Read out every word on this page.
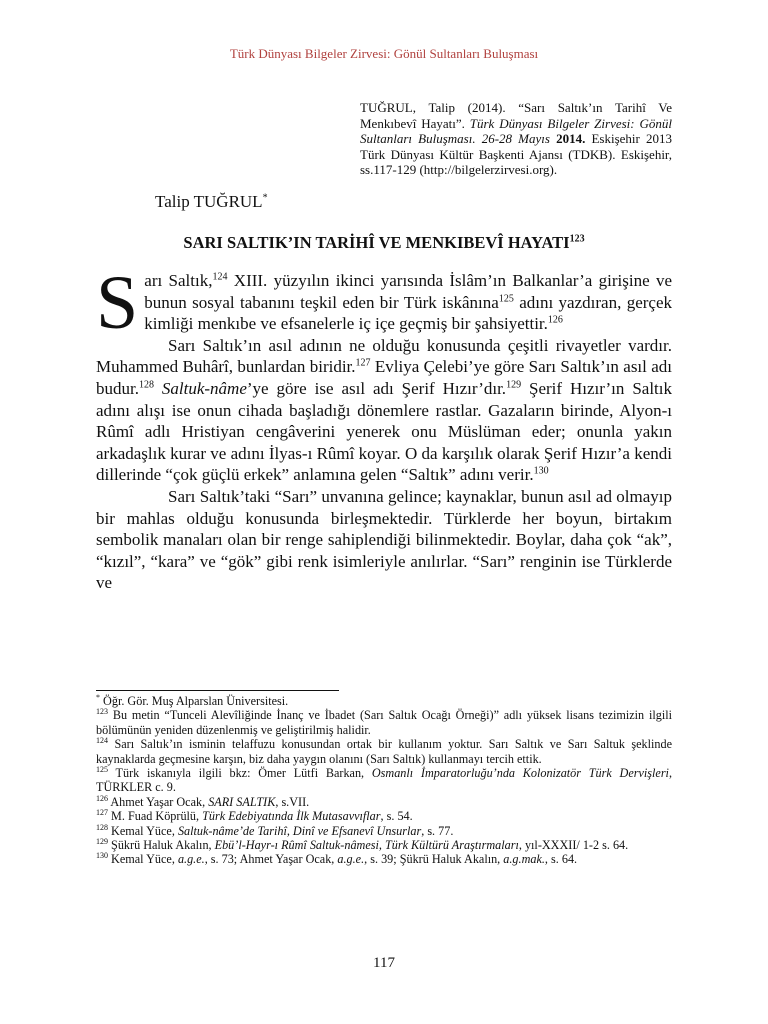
Türk Dünyası Bilgeler Zirvesi: Gönül Sultanları Buluşması
TUĞRUL, Talip (2014). “Sarı Saltık’ın Tarihî Ve Menkıbevî Hayatı”. Türk Dünyası Bilgeler Zirvesi: Gönül Sultanları Buluşması. 26-28 Mayıs 2014. Eskişehir 2013 Türk Dünyası Kültür Başkenti Ajansı (TDKB). Eskişehir, ss.117-129 (http://bilgelerzirvesi.org).
Talip TUĞRUL*
SARI SALTIK’IN TARİHÎ VE MENKIBEVÎ HAYATI$^{123}$

Sarı Saltık,$^{124}$ XIII. yüzyılın ikinci yarısında İslâm’ın Balkanlar’a girişine ve bunun sosyal tabanını teşkil eden bir Türk iskânına$^{125}$ adını yazdıran, gerçek kimliği menkıbe ve efsanelerle iç içe geçmiş bir şahsiyettir.$^{126}$

Sarı Saltık’ın asıl adının ne olduğu konusunda çeşitli rivayetler vardır. Muhammed Buhârî, bunlardan biridir.$^{127}$ Evliya Çelebi’ye göre Sarı Saltık’ın asıl adı budur.$^{128}$ Saltuk-nâme’ye göre ise asıl adı Şerif Hızır’dır.$^{129}$ Şerif Hızır’ın Saltık adını alışı ise onun cihada başladığı dönemlere rastlar. Gazaların birinde, Alyon-ı Rûmî adlı Hristiyan cengâverini yenerek onu Müslüman eder; onunla yakın arkadaşlık kurar ve adını İlyas-ı Rûmî koyar. O da karşılık olarak Şerif Hızır’a kendi dillerinde “çok güçlü erkek” anlamına gelen “Saltık” adını verir.$^{130}$

Sarı Saltık’taki “Sarı” unvanına gelince; kaynaklar, bunun asıl ad olmayıp bir mahlas olduğu konusunda birleşmektedir. Türklerde her boyun, birtakım sembolik manaları olan bir renge sahiplendiği bilinmektedir. Boylar, daha çok “ak”, “kızıl”, “kara” ve “gök” gibi renk isimleriyle anılırlar. “Sarı” renginin ise Türklerde ve

* Öğr. Gör. Muş Alparslan Üniversitesi.

$^{123}$ Bu metin “Tunceli Alevîliğinde İnanç ve İbadet (Sarı Saltık Ocağı Örneği)” adlı yüksek lisans tezimizin ilgili bölümünün yeniden düzenlenmiş ve geliştirilmiş halidir.

$^{124}$ Sarı Saltık’ın isminin telaffuzu konusundan ortak bir kullanım yoktur. Sarı Saltık ve Sarı Saltuk şeklinde kaynaklarda geçmesine karşın, biz daha yaygın olanını (Sarı Saltık) kullanmayı tercih ettik.

$^{125}$ Türk iskanıyla ilgili bkz: Ömer Lütfi Barkan, Osmanlı İmparatorluğu’nda Kolonizatör Türk Dervişleri, TÜRKLER c. 9.

$^{126}$ Ahmet Yaşar Ocak, SARI SALTIK, s.VII.

$^{127}$ M. Fuad Köprülü, Türk Edebiyatında İlk Mutasavvıflar, s. 54.

$^{128}$ Kemal Yüce, Saltuk-nâme’de Tarihî, Dinî ve Efsanevî Unsurlar, s. 77.

$^{129}$ Şükrü Haluk Akalın, Ebü’l-Hayr-ı Rûmî Saltuk-nâmesi, Türk Kültürü Araştırmaları, yıl-XXXII/ 1-2 s. 64.

$^{130}$ Kemal Yüce, a.g.e., s. 73; Ahmet Yaşar Ocak, a.g.e., s. 39; Şükrü Haluk Akalın, a.g.mak., s. 64.

117
